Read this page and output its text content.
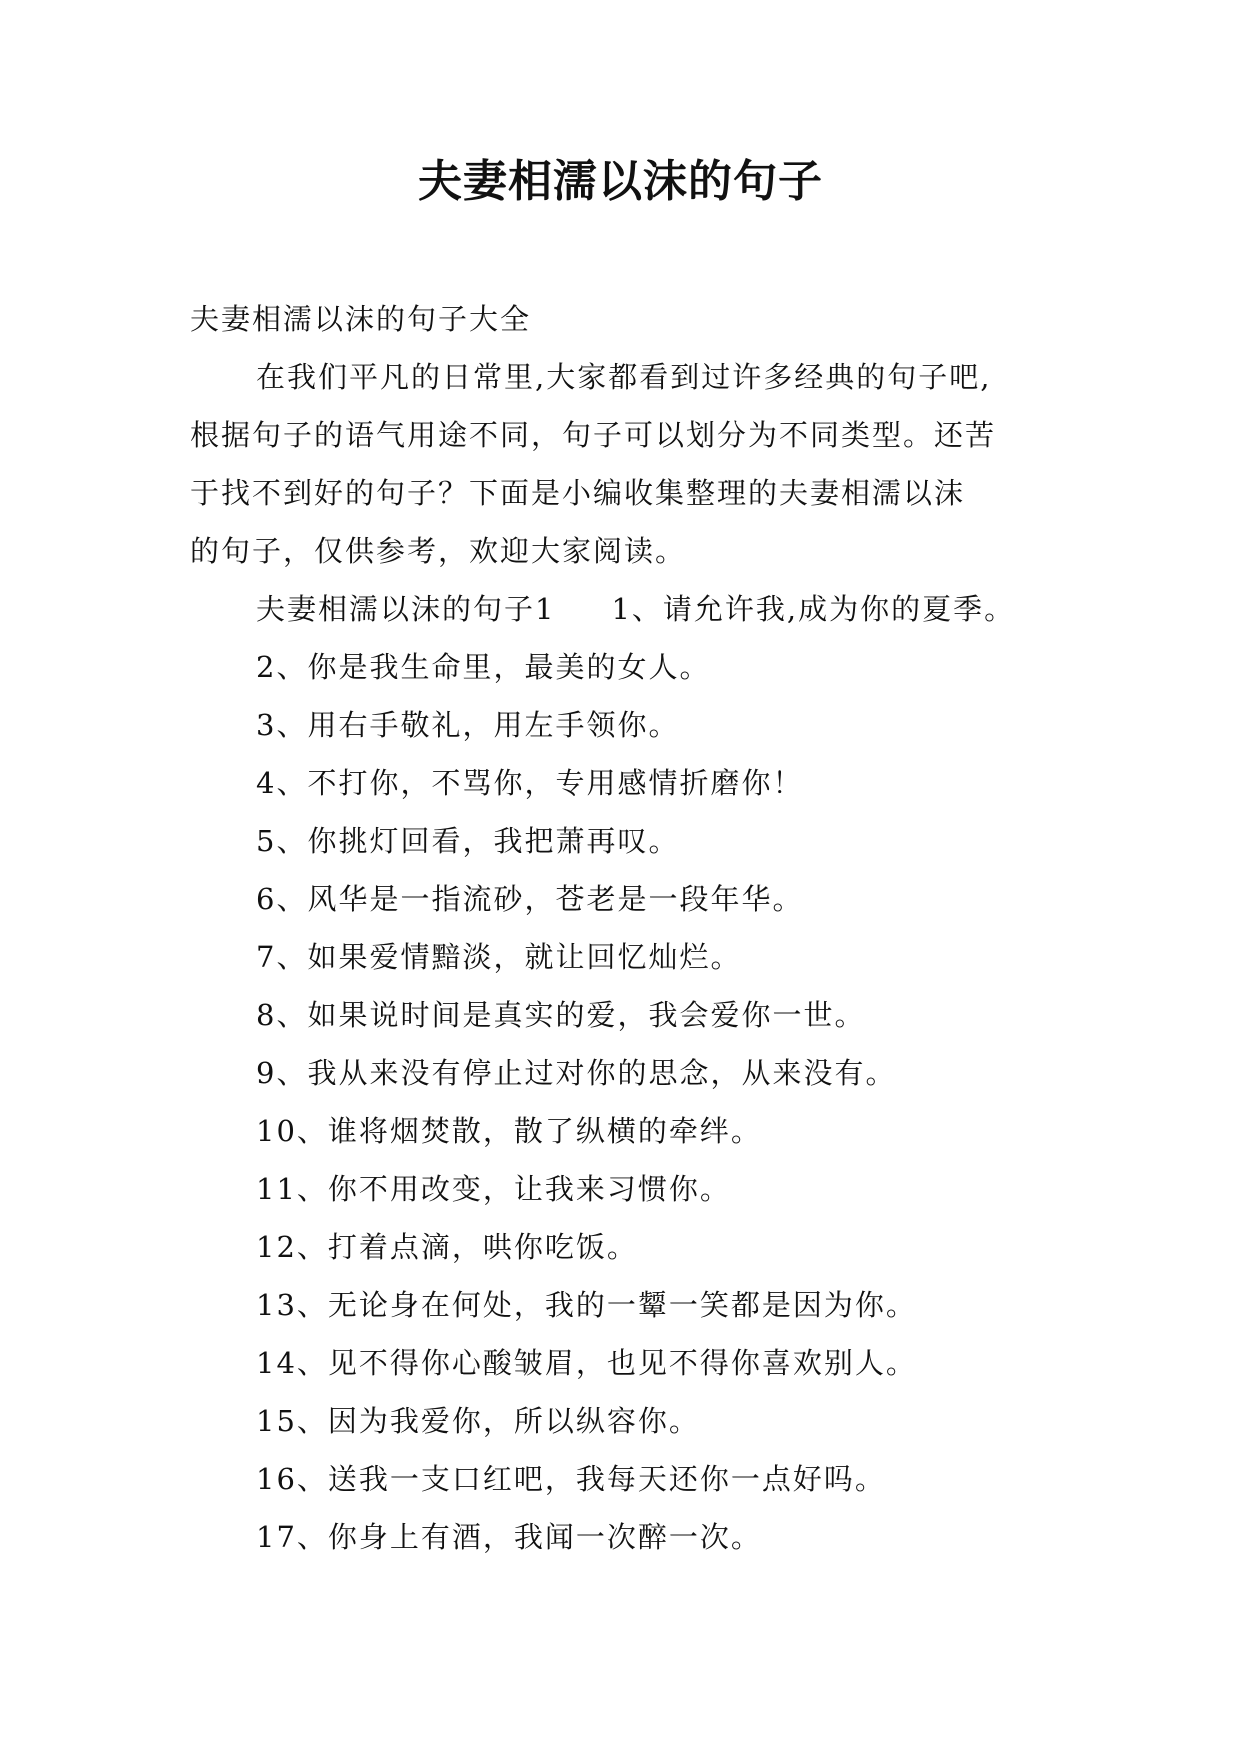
夫妻相濡以沫的句子
夫妻相濡以沫的句子大全
在我们平凡的日常里,大家都看到过许多经典的句子吧,
根据句子的语气用途不同，句子可以划分为不同类型。还苦
于找不到好的句子？下面是小编收集整理的夫妻相濡以沫
的句子，仅供参考，欢迎大家阅读。
夫妻相濡以沫的句子1 1、请允许我,成为你的夏季。
2、你是我生命里，最美的女人。
3、用右手敬礼，用左手领你。
4、不打你，不骂你，专用感情折磨你！
5、你挑灯回看，我把萧再叹。
6、风华是一指流砂，苍老是一段年华。
7、如果爱情黯淡，就让回忆灿烂。
8、如果说时间是真实的爱，我会爱你一世。
9、我从来没有停止过对你的思念，从来没有。
10、谁将烟焚散，散了纵横的牵绊。
11、你不用改变，让我来习惯你。
12、打着点滴，哄你吃饭。
13、无论身在何处，我的一颦一笑都是因为你。
14、见不得你心酸皱眉，也见不得你喜欢别人。
15、因为我爱你，所以纵容你。
16、送我一支口红吧，我每天还你一点好吗。
17、你身上有酒，我闻一次醉一次。
